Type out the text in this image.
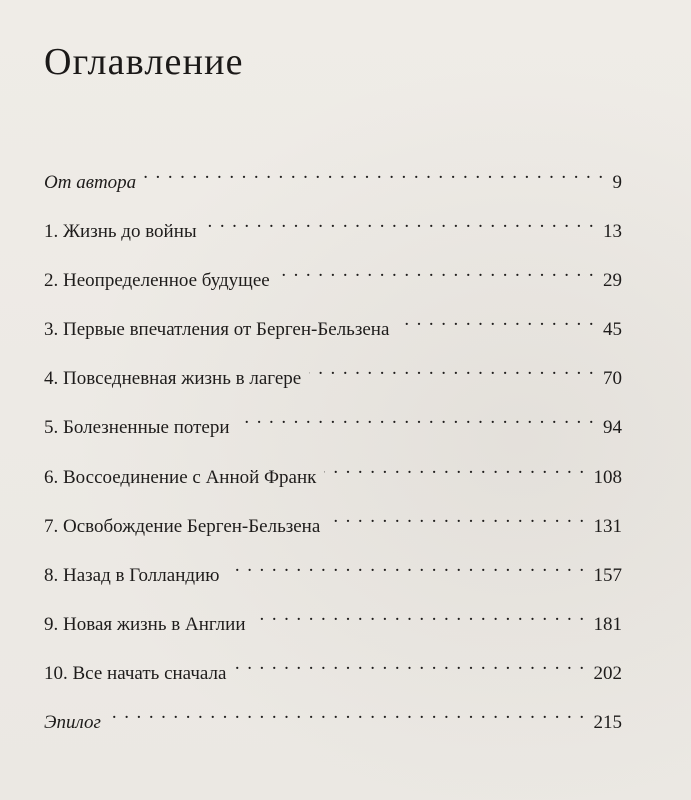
Оглавление
От автора . . .	9
1. Жизнь до войны . . .	13
2. Неопределенное будущее . . .	29
3. Первые впечатления от Берген-Бельзена . . .	45
4. Повседневная жизнь в лагере . . .	70
5. Болезненные потери . . .	94
6. Воссоединение с Анной Франк . . .	108
7. Освобождение Берген-Бельзена . . .	131
8. Назад в Голландию . . .	157
9. Новая жизнь в Англии . . .	181
10. Все начать сначала . . .	202
Эпилог . . .	215
